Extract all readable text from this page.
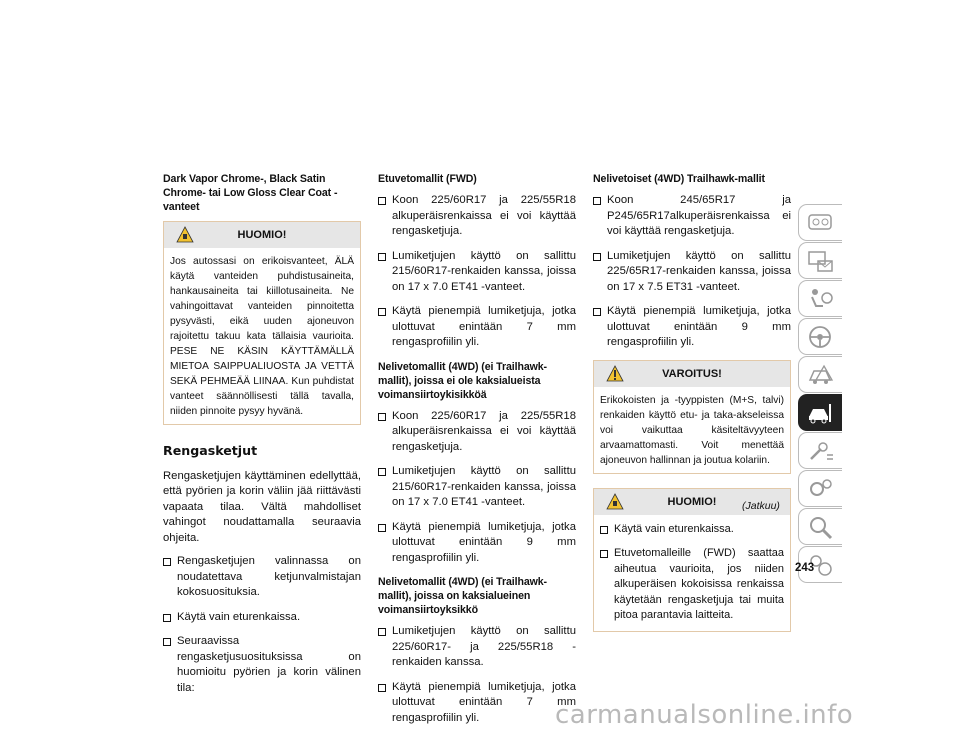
Dark Vapor Chrome-, Black Satin Chrome- tai Low Gloss Clear Coat -vanteet
HUOMIO!
Jos autossasi on erikoisvanteet, ÄLÄ käytä vanteiden puhdistusaineita, hankausaineita tai kiillotusaineita. Ne vahingoittavat vanteiden pinnoitetta pysyvästi, eikä uuden ajoneuvon rajoitettu takuu kata tällaisia vaurioita. PESE NE KÄSIN KÄYTTÄMÄLLÄ MIETOA SAIPPUALIUOSTA JA VETTÄ SEKÄ PEHMEÄÄ LIINAA. Kun puhdistat vanteet säännöllisesti tällä tavalla, niiden pinnoite pysyy hyvänä.
Rengasketjut

Rengasketjujen käyttäminen edellyttää, että pyörien ja korin väliin jää riittävästi vapaata tilaa. Vältä mahdolliset vahingot noudattamalla seuraavia ohjeita.

Rengasketjujen valinnassa on noudatettava ketjunvalmistajan kokosuosituksia.
Käytä vain eturenkaissa.
Seuraavissa rengasketjusuosituksissa on huomioitu pyörien ja korin välinen tila:
Etuvetomallit (FWD)
Koon 225/60R17 ja 225/55R18 alkuperäisrenkaissa ei voi käyttää rengasketjuja.
Lumiketjujen käyttö on sallittu 215/60R17-renkaiden kanssa, joissa on 17 x 7.0 ET41 -vanteet.
Käytä pienempiä lumiketjuja, jotka ulottuvat enintään 7 mm rengasprofiilin yli.
Nelivetomallit (4WD) (ei Trailhawk-mallit), joissa ei ole kaksialueista voimansiirtoykisikköä
Koon 225/60R17 ja 225/55R18 alkuperäisrenkaissa ei voi käyttää rengasketjuja.
Lumiketjujen käyttö on sallittu 215/60R17-renkaiden kanssa, joissa on 17 x 7.0 ET41 -vanteet.
Käytä pienempiä lumiketjuja, jotka ulottuvat enintään 9 mm rengasprofiilin yli.
Nelivetomallit (4WD) (ei Trailhawk-mallit), joissa on kaksialueinen voimansiirtoyksikkö
Lumiketjujen käyttö on sallittu 225/60R17- ja 225/55R18 -renkaiden kanssa.
Käytä pienempiä lumiketjuja, jotka ulottuvat enintään 7 mm rengasprofiilin yli.
Nelivetoiset (4WD) Trailhawk-mallit
Koon 245/65R17 ja P245/65R17alkuperäisrenkaissa ei voi käyttää rengasketjuja.
Lumiketjujen käyttö on sallittu 225/65R17-renkaiden kanssa, joissa on 17 x 7.5 ET31 -vanteet.
Käytä pienempiä lumiketjuja, jotka ulottuvat enintään 9 mm rengasprofiilin yli.
VAROITUS!
Erikokoisten ja -tyyppisten (M+S, talvi) renkaiden käyttö etu- ja taka-akseleissa voi vaikuttaa käsiteltävyyteen arvaamattomasti. Voit menettää ajoneuvon hallinnan ja joutua kolariin.
HUOMIO!
Käytä vain eturenkaissa.
Etuvetomalleille (FWD) saattaa aiheutua vaurioita, jos niiden alkuperäisen kokoisissa renkaissa käytetään rengasketjuja tai muita pitoa parantavia laitteita.
(Jatkuu)
243
carmanualsonline.info
